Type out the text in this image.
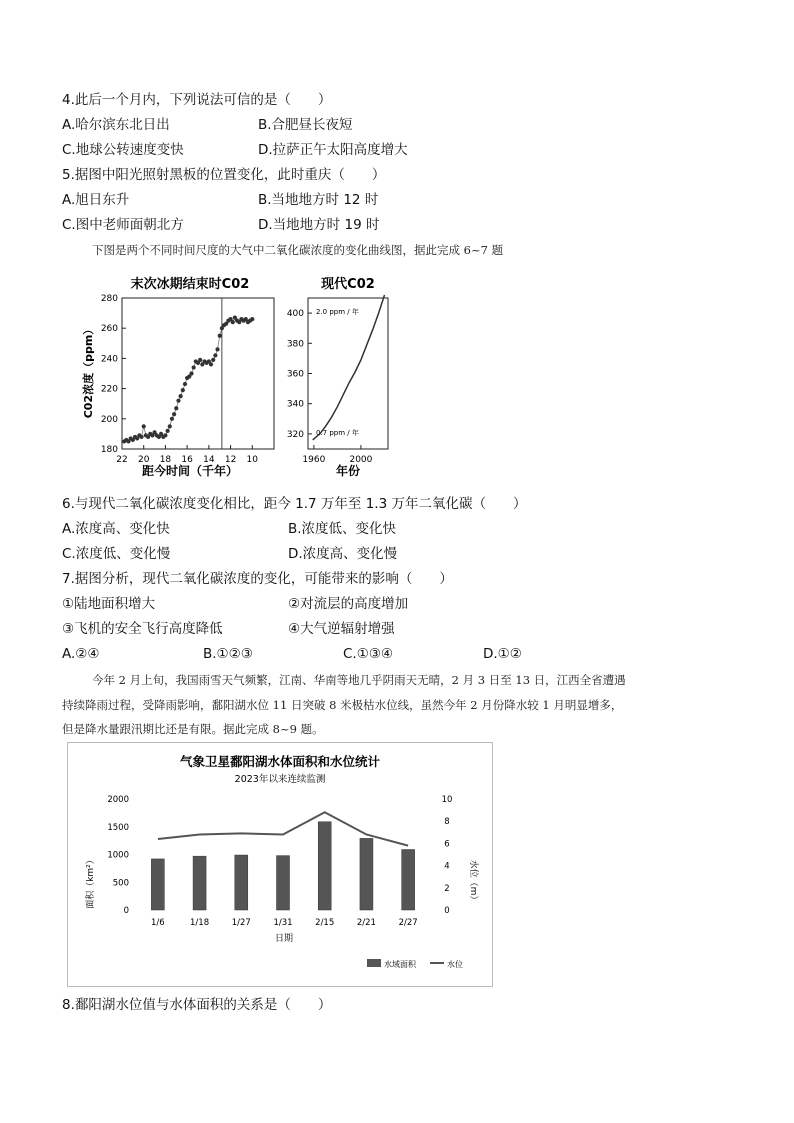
4.此后一个月内，下列说法可信的是（　　）
A.哈尔滨东北日出	B.合肥昼长夜短
C.地球公转速度变快	D.拉萨正午太阳高度增大
5.据图中阳光照射黑板的位置变化，此时重庆（　　）
A.旭日东升	B.当地地方时 12 时
C.图中老师面朝北方	D.当地地方时 19 时
下图是两个不同时间尺度的大气中二氧化碳浓度的变化曲线图，据此完成 6~7 题
末次冰期结束时C02
180
200
220
240
260
280
22 20 18 16 14 12 10
C02浓度（ppm）
距今时间（千年）
现代C02
320
340
360
380
400
1960	2000
年份
2.0 ppm / 年
0.7 ppm / 年
6.与现代二氧化碳浓度变化相比，距今 1.7 万年至 1.3 万年二氧化碳（　　）
A.浓度高、变化快	B.浓度低、变化快
C.浓度低、变化慢	D.浓度高、变化慢
7.据图分析，现代二氧化碳浓度的变化，可能带来的影响（　　）
①陆地面积增大	②对流层的高度增加
③飞机的安全飞行高度降低	④大气逆辐射增强
A.②④	B.①②③	C.①③④	D.①②
今年 2 月上旬，我国雨雪天气频繁，江南、华南等地几乎阴雨天无晴，2 月 3 日至 13 日，江西全省遭遇
持续降雨过程，受降雨影响，鄱阳湖水位 11 日突破 8 米极枯水位线，虽然今年 2 月份降水较 1 月明显增多，
但是降水量跟汛期比还是有限。据此完成 8~9 题。
气象卫星鄱阳湖水体面积和水位统计
2023年以来连续监测
0
500
1000
1500
2000
0
2
4
6
8
10
1/6	1/18	1/27	1/31	2/15	2/21	2/27
面积（km²）	水位（m）
日期
水域面积	水位
8.鄱阳湖水位值与水体面积的关系是（　　）
